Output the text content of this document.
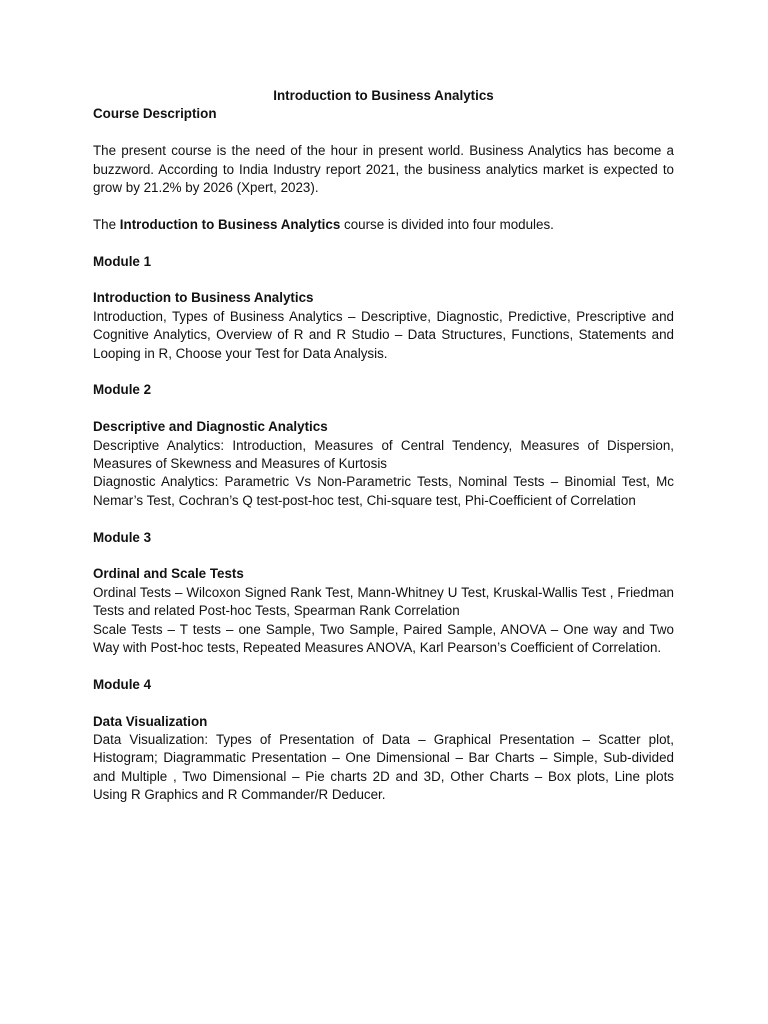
Introduction to Business Analytics

Course Description

The present course is the need of the hour in present world. Business Analytics has become a buzzword. According to India Industry report 2021, the business analytics market is expected to grow by 21.2% by 2026 (Xpert, 2023).

The Introduction to Business Analytics course is divided into four modules.

Module 1

Introduction to Business Analytics

Introduction, Types of Business Analytics – Descriptive, Diagnostic, Predictive, Prescriptive and Cognitive Analytics, Overview of R and R Studio – Data Structures, Functions, Statements and Looping in R, Choose your Test for Data Analysis.

Module 2

Descriptive and Diagnostic Analytics

Descriptive Analytics: Introduction, Measures of Central Tendency, Measures of Dispersion, Measures of Skewness and Measures of Kurtosis

Diagnostic Analytics: Parametric Vs Non-Parametric Tests, Nominal Tests – Binomial Test, Mc Nemar’s Test, Cochran’s Q test-post-hoc test, Chi-square test, Phi-Coefficient of Correlation

Module 3

Ordinal and Scale Tests

Ordinal Tests – Wilcoxon Signed Rank Test, Mann-Whitney U Test, Kruskal-Wallis Test , Friedman Tests and related Post-hoc Tests, Spearman Rank Correlation

Scale Tests – T tests – one Sample, Two Sample, Paired Sample, ANOVA – One way and Two Way with Post-hoc tests, Repeated Measures ANOVA, Karl Pearson’s Coefficient of Correlation.

Module 4

Data Visualization

Data Visualization: Types of Presentation of Data – Graphical Presentation – Scatter plot, Histogram; Diagrammatic Presentation – One Dimensional – Bar Charts – Simple, Sub-divided and Multiple , Two Dimensional – Pie charts 2D and 3D, Other Charts – Box plots, Line plots Using R Graphics and R Commander/R Deducer.
